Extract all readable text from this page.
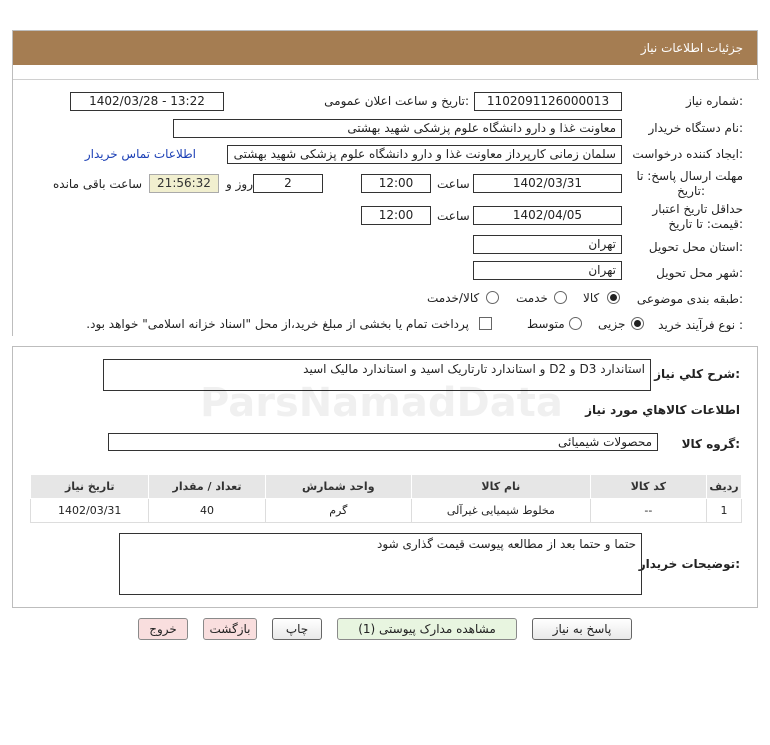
جزئیات اطلاعات نیاز
شماره نیاز:
1102091126000013
تاریخ و ساعت اعلان عمومی:
1402/03/28 - 13:22
نام دستگاه خریدار:
معاونت غذا و دارو دانشگاه علوم پزشکی شهید بهشتی
ایجاد کننده درخواست:
سلمان زمانی کارپرداز معاونت غذا و دارو دانشگاه علوم پزشکی شهید بهشتی
اطلاعات تماس خریدار
مهلت ارسال پاسخ: تا
تاریخ:
1402/03/31
ساعت
12:00
2
روز و
21:56:32
ساعت باقی مانده
حداقل تاریخ اعتبار
قیمت: تا تاریخ:
1402/04/05
ساعت
12:00
استان محل تحویل:
تهران
شهر محل تحویل:
تهران
طبقه بندی موضوعی:
کالا
خدمت
کالا/خدمت
نوع فرآیند خرید :
جزیی
متوسط
پرداخت تمام یا بخشی از مبلغ خرید،از محل "اسناد خزانه اسلامی" خواهد بود.
شرح کلي نياز:
استاندارد D3 و D2 و استاندارد تارتاریک اسید و استاندارد مالیک اسید
اطلاعات کالاهاي مورد نياز
گروه کالا:
محصولات شیمیائی
ردیف	کد کالا	نام کالا	واحد شمارش	تعداد / مقدار	تاریخ نیاز
1	--	مخلوط شیمیایی غیرآلی	گرم	40	1402/03/31
توضیحات خریدار:
حتما و حتما بعد از مطالعه پیوست قیمت گذاری شود
پاسخ به نیاز
مشاهده مدارک پیوستی (1)
چاپ
بازگشت
خروج
ParsNamadData
